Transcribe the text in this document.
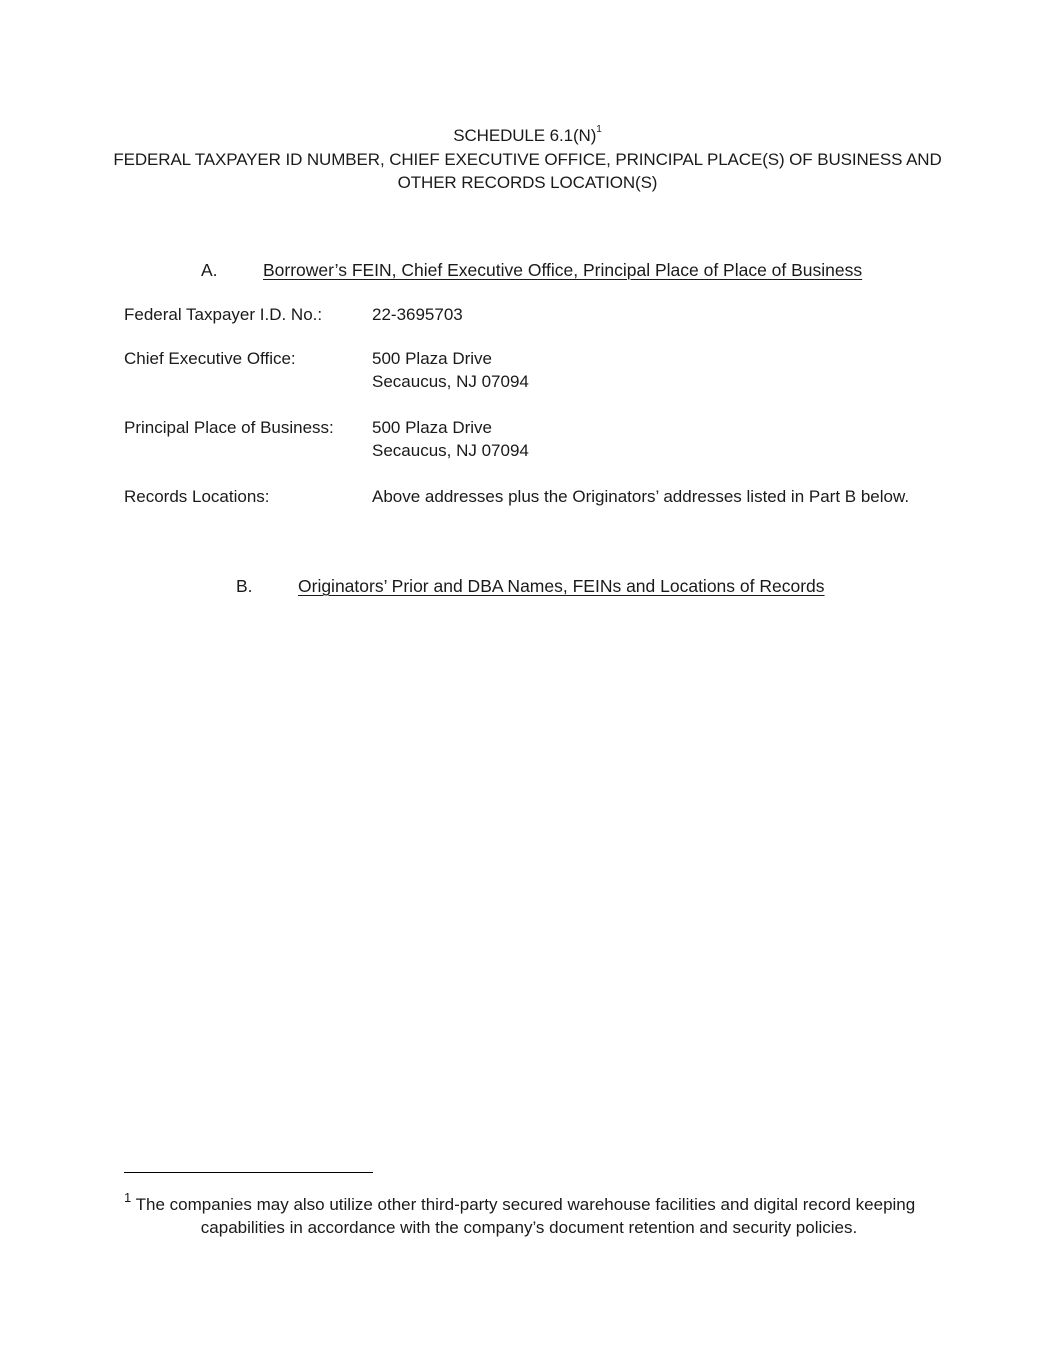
SCHEDULE 6.1(N)$^1$
FEDERAL TAXPAYER ID NUMBER, CHIEF EXECUTIVE OFFICE, PRINCIPAL PLACE(S) OF BUSINESS AND
OTHER RECORDS LOCATION(S)
A.	Borrower’s FEIN, Chief Executive Office, Principal Place of Place of Business
Federal Taxpayer I.D. No.:	22-3695703
Chief Executive Office:	500 Plaza Drive
Secaucus, NJ 07094
Principal Place of Business: 500 Plaza Drive
Secaucus, NJ 07094
Records Locations:	Above addresses plus the Originators’ addresses listed in Part B below.
B.	Originators’ Prior and DBA Names, FEINs and Locations of Records
$^1$ The companies may also utilize other third-party secured warehouse facilities and digital record keeping
capabilities in accordance with the company’s document retention and security policies.
